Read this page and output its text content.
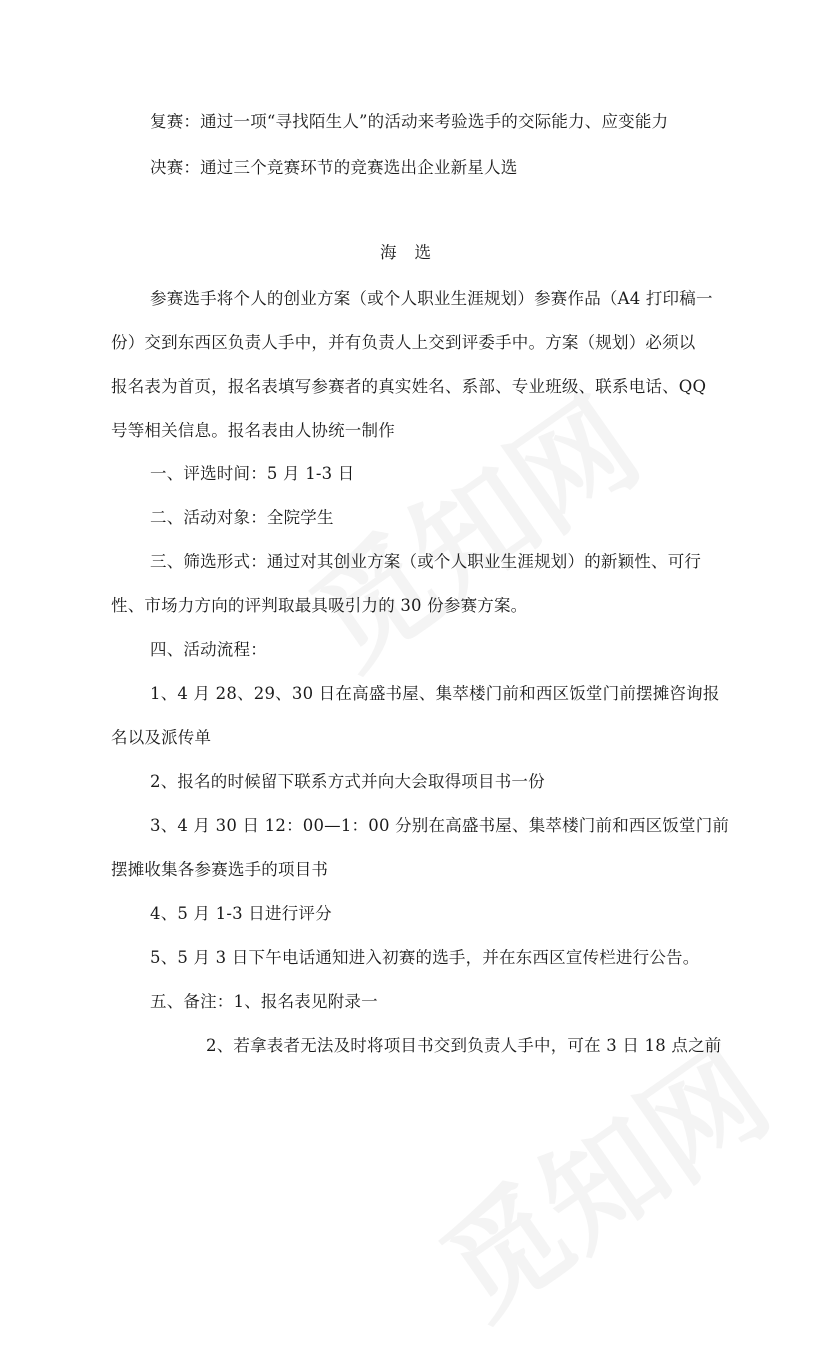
复赛：通过一项“寻找陌生人”的活动来考验选手的交际能力、应变能力
决赛：通过三个竞赛环节的竞赛选出企业新星人选
海选
参赛选手将个人的创业方案（或个人职业生涯规划）参赛作品（A4 打印稿一
份）交到东西区负责人手中，并有负责人上交到评委手中。方案（规划）必须以
报名表为首页，报名表填写参赛者的真实姓名、系部、专业班级、联系电话、QQ
号等相关信息。报名表由人协统一制作
一、评选时间：5 月 1-3 日
二、活动对象：全院学生
三、筛选形式：通过对其创业方案（或个人职业生涯规划）的新颖性、可行
性、市场力方向的评判取最具吸引力的 30 份参赛方案。
四、活动流程：
1、4 月 28、29、30 日在高盛书屋、集萃楼门前和西区饭堂门前摆摊咨询报
名以及派传单
2、报名的时候留下联系方式并向大会取得项目书一份
3、4 月 30 日 12：00—1：00 分别在高盛书屋、集萃楼门前和西区饭堂门前
摆摊收集各参赛选手的项目书
4、5 月 1-3 日进行评分
5、5 月 3 日下午电话通知进入初赛的选手，并在东西区宣传栏进行公告。
五、备注：1、报名表见附录一
2、若拿表者无法及时将项目书交到负责人手中，可在 3 日 18 点之前
